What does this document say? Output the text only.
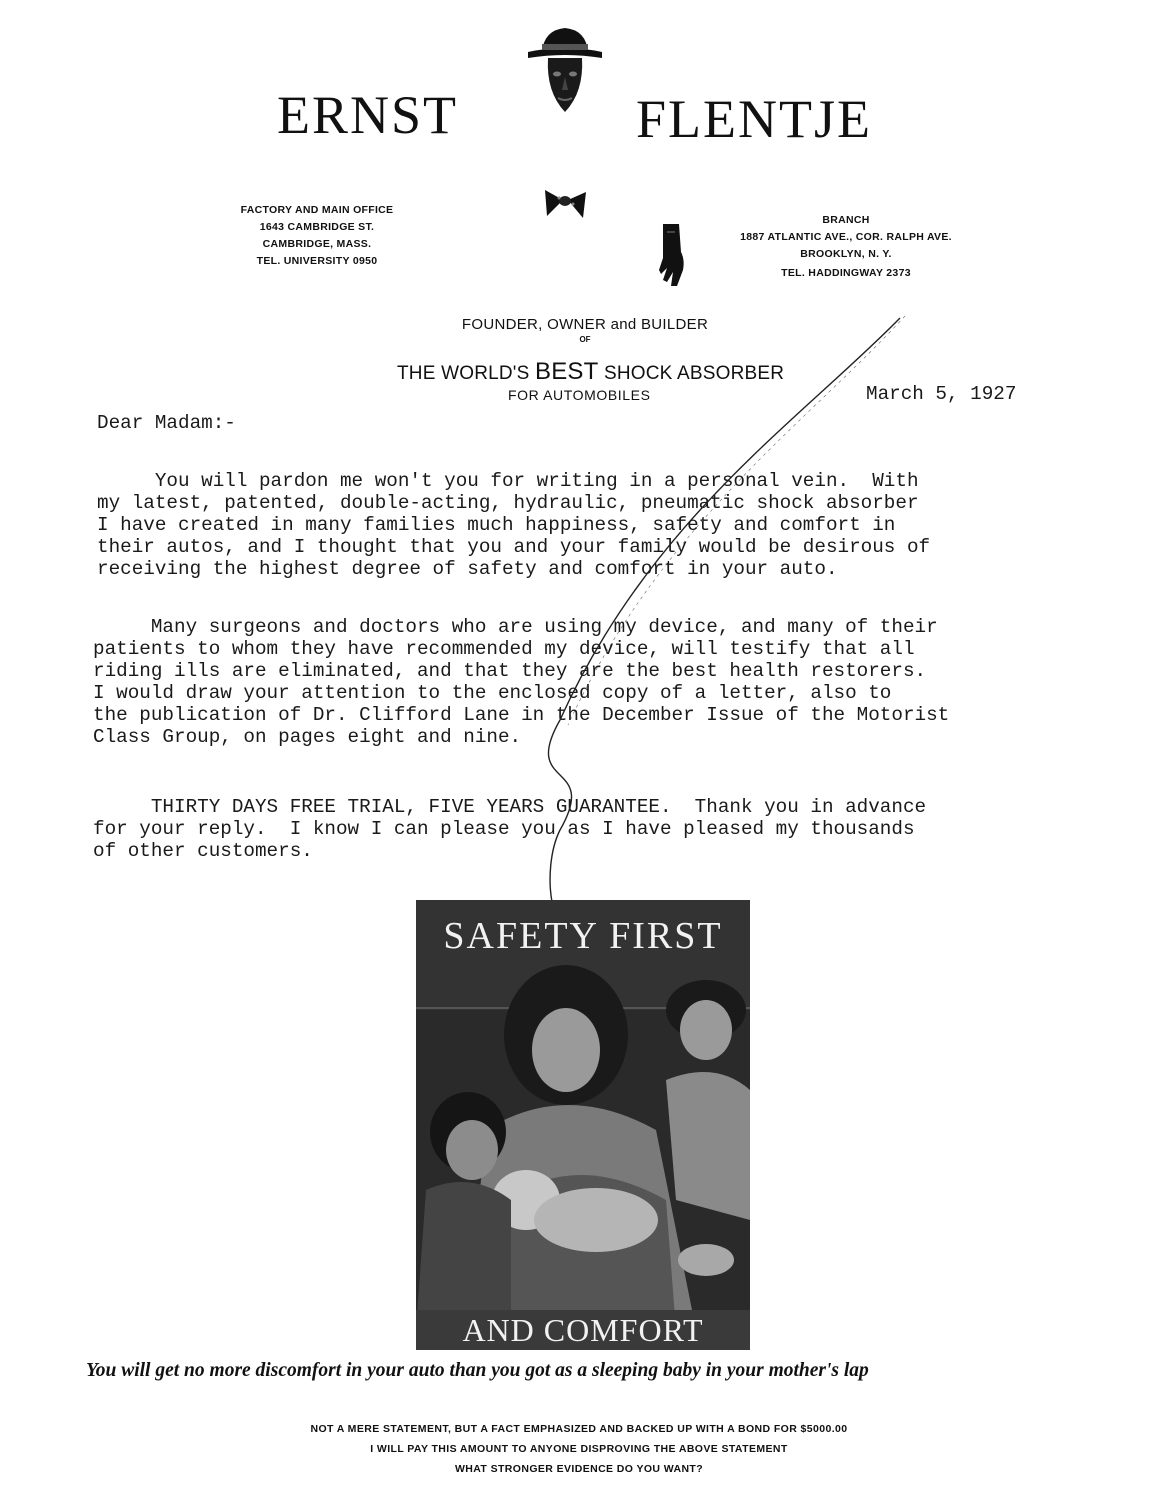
ERNST	FLENTJE
FACTORY AND MAIN OFFICE
1643 CAMBRIDGE ST.
CAMBRIDGE, MASS.
TEL. UNIVERSITY 0950
BRANCH
1887 ATLANTIC AVE., COR. RALPH AVE.
BROOKLYN, N. Y.
TEL. HADDINGWAY 2373
FOUNDER, OWNER and BUILDER
OF
THE WORLD'S BEST SHOCK ABSORBER
FOR AUTOMOBILES	March 5, 1927
Dear Madam:-
You will pardon me won't you for writing in a personal vein.  With
my latest, patented, double-acting, hydraulic, pneumatic shock absorber
I have created in many families much happiness, safety and comfort in
their autos, and I thought that you and your family would be desirous of
receiving the highest degree of safety and comfort in your auto.
Many surgeons and doctors who are using my device, and many of their
patients to whom they have recommended my device, will testify that all
riding ills are eliminated, and that they are the best health restorers.
I would draw your attention to the enclosed copy of a letter, also to
the publication of Dr. Clifford Lane in the December Issue of the Motorist
Class Group, on pages eight and nine.
THIRTY DAYS FREE TRIAL, FIVE YEARS GUARANTEE.  Thank you in advance
for your reply.  I know I can please you as I have pleased my thousands
of other customers.
SAFETY FIRST
AND COMFORT
You will get no more discomfort in your auto than you got as a sleeping baby in your mother's lap
NOT A MERE STATEMENT, BUT A FACT EMPHASIZED AND BACKED UP WITH A BOND FOR $5000.00
I WILL PAY THIS AMOUNT TO ANYONE DISPROVING THE ABOVE STATEMENT
WHAT STRONGER EVIDENCE DO YOU WANT?
